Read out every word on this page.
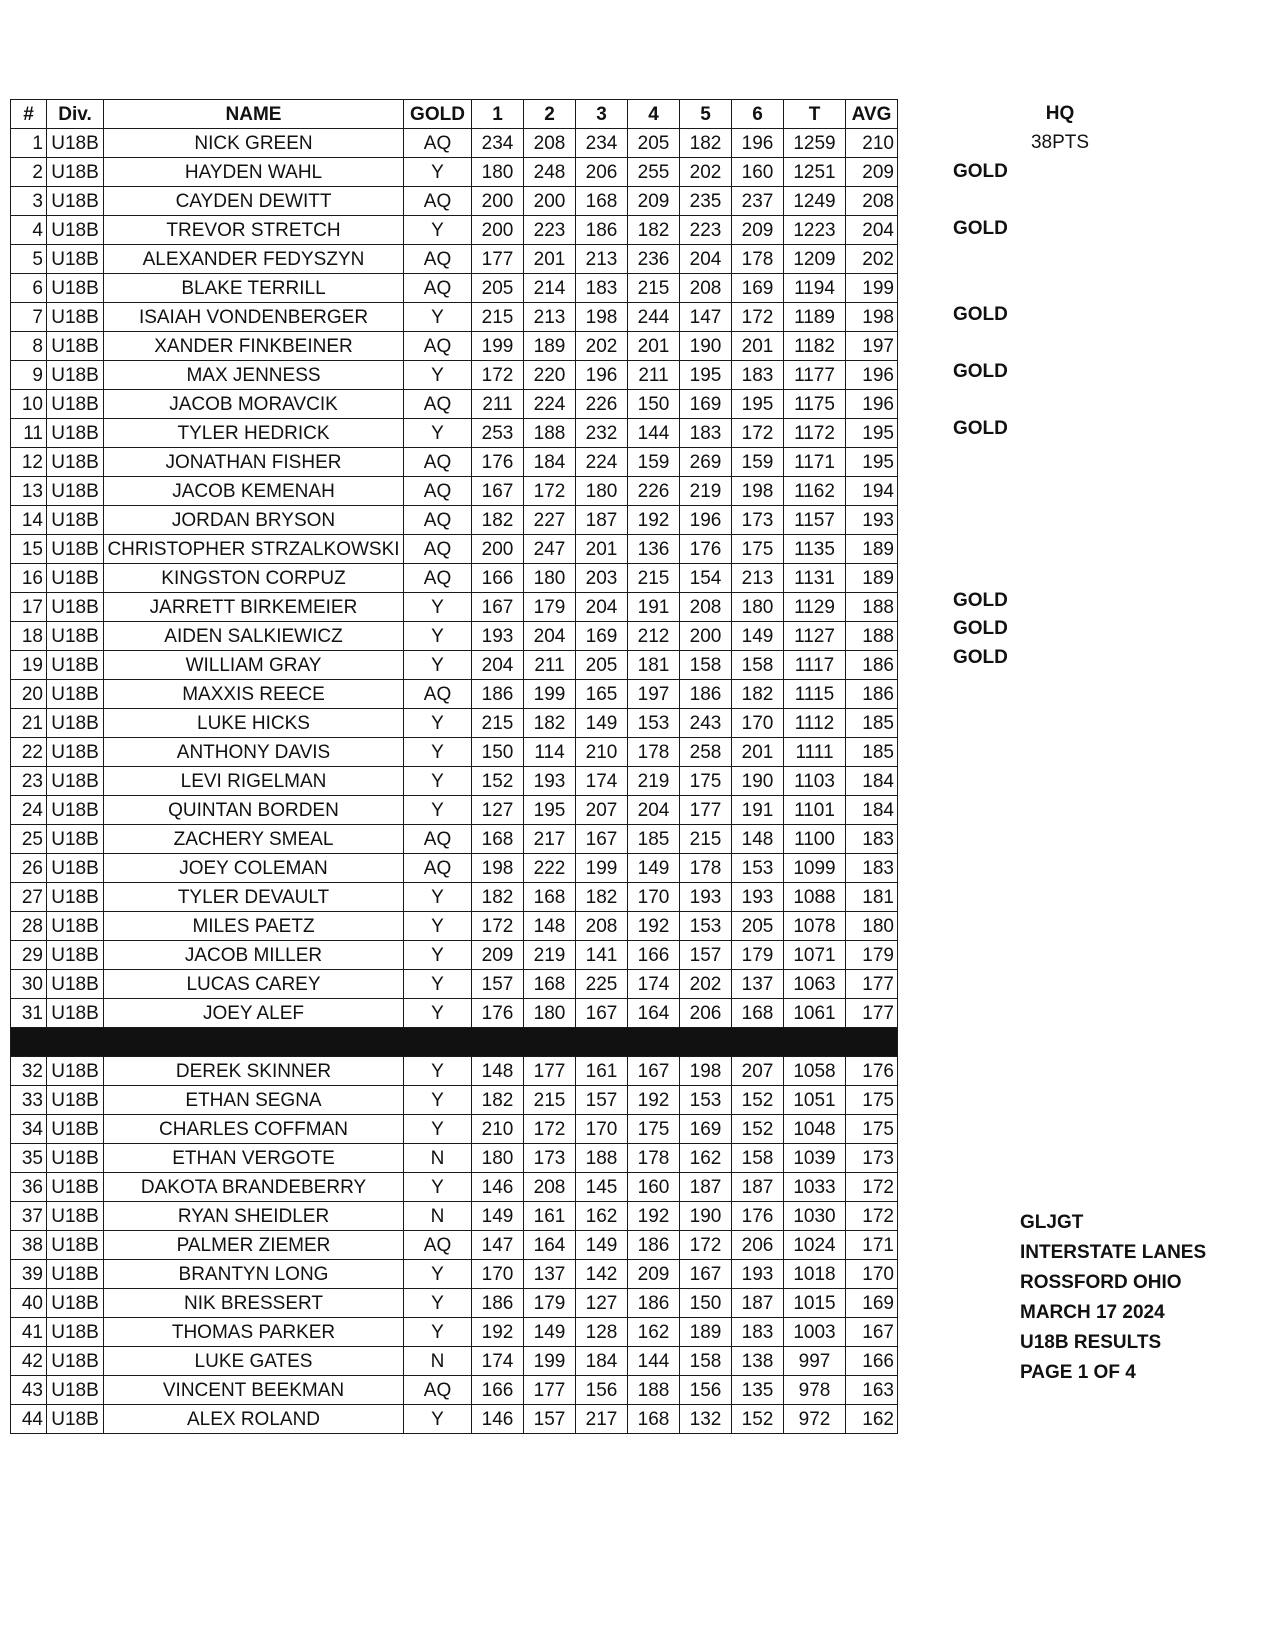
#	Div.	NAME	GOLD	1	2	3	4	5	6	T	AVG
1	U18B	NICK GREEN	AQ	234	208	234	205	182	196	1259	210
2	U18B	HAYDEN WAHL	Y	180	248	206	255	202	160	1251	209
3	U18B	CAYDEN DEWITT	AQ	200	200	168	209	235	237	1249	208
4	U18B	TREVOR STRETCH	Y	200	223	186	182	223	209	1223	204
5	U18B	ALEXANDER FEDYSZYN	AQ	177	201	213	236	204	178	1209	202
6	U18B	BLAKE TERRILL	AQ	205	214	183	215	208	169	1194	199
7	U18B	ISAIAH VONDENBERGER	Y	215	213	198	244	147	172	1189	198
8	U18B	XANDER FINKBEINER	AQ	199	189	202	201	190	201	1182	197
9	U18B	MAX JENNESS	Y	172	220	196	211	195	183	1177	196
10	U18B	JACOB MORAVCIK	AQ	211	224	226	150	169	195	1175	196
11	U18B	TYLER HEDRICK	Y	253	188	232	144	183	172	1172	195
12	U18B	JONATHAN FISHER	AQ	176	184	224	159	269	159	1171	195
13	U18B	JACOB KEMENAH	AQ	167	172	180	226	219	198	1162	194
14	U18B	JORDAN BRYSON	AQ	182	227	187	192	196	173	1157	193
15	U18B	CHRISTOPHER STRZALKOWSKI	AQ	200	247	201	136	176	175	1135	189
16	U18B	KINGSTON CORPUZ	AQ	166	180	203	215	154	213	1131	189
17	U18B	JARRETT BIRKEMEIER	Y	167	179	204	191	208	180	1129	188
18	U18B	AIDEN SALKIEWICZ	Y	193	204	169	212	200	149	1127	188
19	U18B	WILLIAM GRAY	Y	204	211	205	181	158	158	1117	186
20	U18B	MAXXIS REECE	AQ	186	199	165	197	186	182	1115	186
21	U18B	LUKE HICKS	Y	215	182	149	153	243	170	1112	185
22	U18B	ANTHONY DAVIS	Y	150	114	210	178	258	201	1111	185
23	U18B	LEVI RIGELMAN	Y	152	193	174	219	175	190	1103	184
24	U18B	QUINTAN BORDEN	Y	127	195	207	204	177	191	1101	184
25	U18B	ZACHERY SMEAL	AQ	168	217	167	185	215	148	1100	183
26	U18B	JOEY COLEMAN	AQ	198	222	199	149	178	153	1099	183
27	U18B	TYLER DEVAULT	Y	182	168	182	170	193	193	1088	181
28	U18B	MILES PAETZ	Y	172	148	208	192	153	205	1078	180
29	U18B	JACOB MILLER	Y	209	219	141	166	157	179	1071	179
30	U18B	LUCAS CAREY	Y	157	168	225	174	202	137	1063	177
31	U18B	JOEY ALEF	Y	176	180	167	164	206	168	1061	177

32	U18B	DEREK SKINNER	Y	148	177	161	167	198	207	1058	176
33	U18B	ETHAN SEGNA	Y	182	215	157	192	153	152	1051	175
34	U18B	CHARLES COFFMAN	Y	210	172	170	175	169	152	1048	175
35	U18B	ETHAN VERGOTE	N	180	173	188	178	162	158	1039	173
36	U18B	DAKOTA BRANDEBERRY	Y	146	208	145	160	187	187	1033	172
37	U18B	RYAN SHEIDLER	N	149	161	162	192	190	176	1030	172
38	U18B	PALMER ZIEMER	AQ	147	164	149	186	172	206	1024	171
39	U18B	BRANTYN LONG	Y	170	137	142	209	167	193	1018	170
40	U18B	NIK BRESSERT	Y	186	179	127	186	150	187	1015	169
41	U18B	THOMAS PARKER	Y	192	149	128	162	189	183	1003	167
42	U18B	LUKE GATES	N	174	199	184	144	158	138	997	166
43	U18B	VINCENT BEEKMAN	AQ	166	177	156	188	156	135	978	163
44	U18B	ALEX ROLAND	Y	146	157	217	168	132	152	972	162
GOLD
GOLD
GOLD
GOLD
GOLD
GOLD
GOLD
GOLD
HQ
38PTS
GLJGT
INTERSTATE LANES
ROSSFORD OHIO
MARCH 17 2024
U18B RESULTS
PAGE 1 OF 4
